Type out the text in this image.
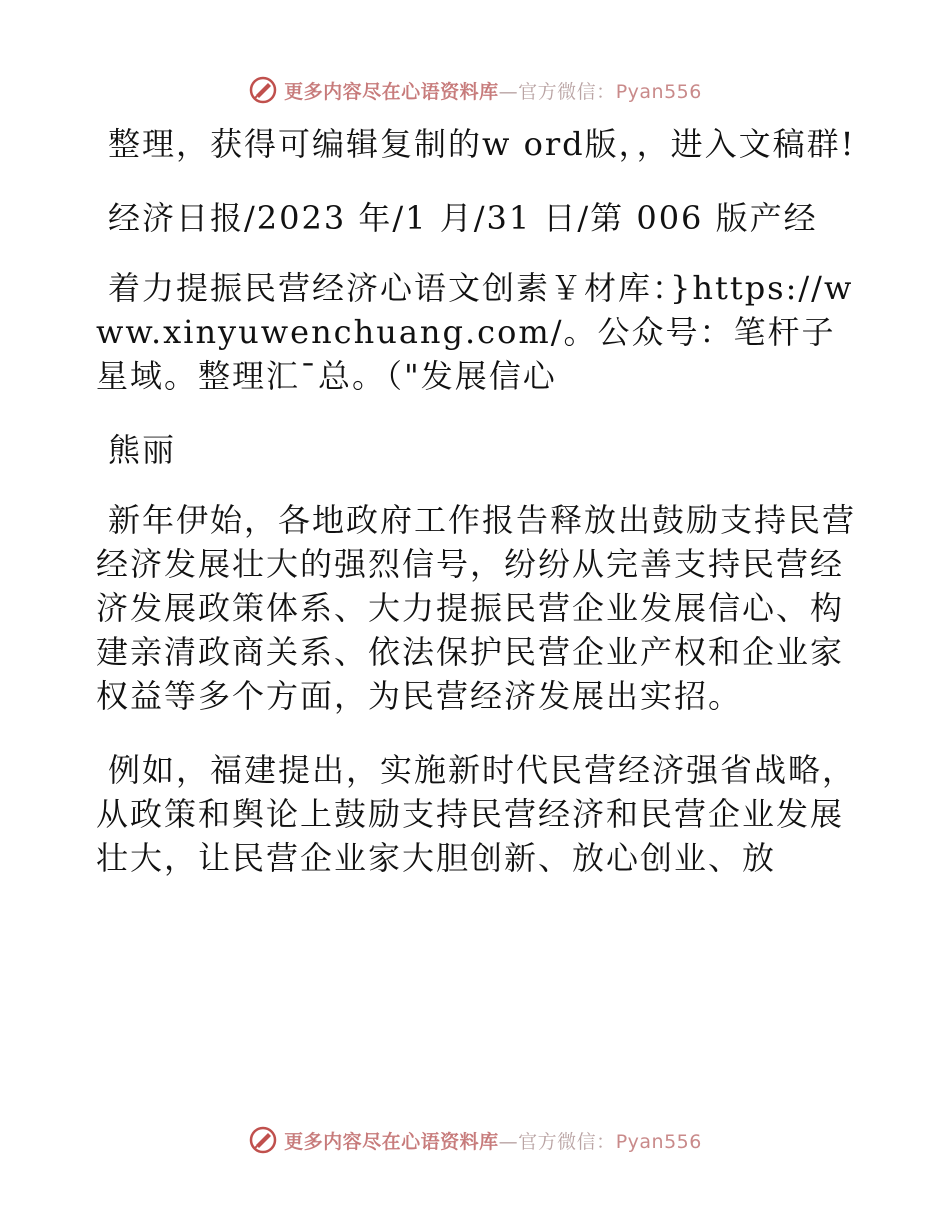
更多内容尽在心语资料库—官方微信：Pyan556

整理，获得可编辑复制的w ord版，，进入文稿群!

经济日报/2023 年/1 月/31 日/第 006 版产经

着力提振民营经济心语文创素￥材库：}https://www.xinyuwenchuang.com/。公众号：笔杆子星域。整理汇¯总。（"发展信心

熊丽

新年伊始，各地政府工作报告释放出鼓励支持民营经济发展壮大的强烈信号，纷纷从完善支持民营经济发展政策体系、大力提振民营企业发展信心、构建亲清政商关系、依法保护民营企业产权和企业家权益等多个方面，为民营经济发展出实招。

例如，福建提出，实施新时代民营经济强省战略，从政策和舆论上鼓励支持民营经济和民营企业发展壮大，让民营企业家大胆创新、放心创业、放

更多内容尽在心语资料库—官方微信：Pyan556
